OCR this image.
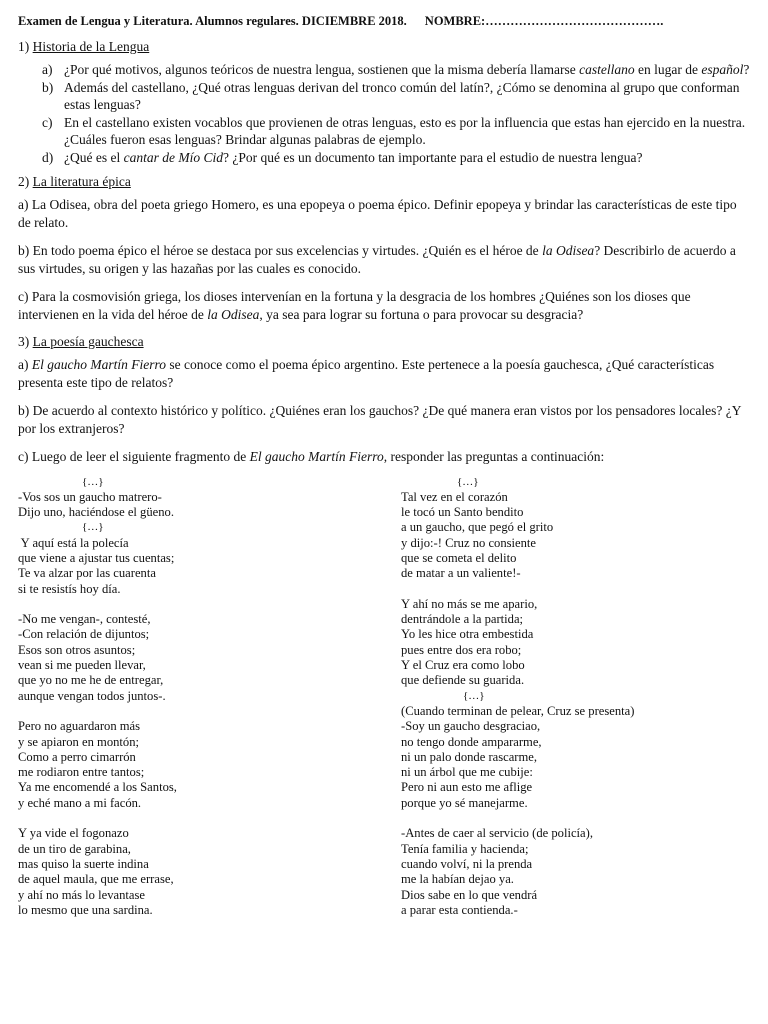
Examen de Lengua y Literatura. Alumnos regulares. DICIEMBRE 2018. NOMBRE:…………………………………….
1) Historia de la Lengua
a) ¿Por qué motivos, algunos teóricos de nuestra lengua, sostienen que la misma debería llamarse castellano en lugar de español?
b) Además del castellano, ¿Qué otras lenguas derivan del tronco común del latín?, ¿Cómo se denomina al grupo que conforman estas lenguas?
c) En el castellano existen vocablos que provienen de otras lenguas, esto es por la influencia que estas han ejercido en la nuestra. ¿Cuáles fueron esas lenguas? Brindar algunas palabras de ejemplo.
d) ¿Qué es el cantar de Mío Cid? ¿Por qué es un documento tan importante para el estudio de nuestra lengua?
2) La literatura épica

a) La Odisea, obra del poeta griego Homero, es una epopeya o poema épico. Definir epopeya y brindar las características de este tipo de relato.

b) En todo poema épico el héroe se destaca por sus excelencias y virtudes. ¿Quién es el héroe de la Odisea? Describirlo de acuerdo a sus virtudes, su origen y las hazañas por las cuales es conocido.

c) Para la cosmovisión griega, los dioses intervenían en la fortuna y la desgracia de los hombres ¿Quiénes son los dioses que intervienen en la vida del héroe de la Odisea, ya sea para lograr su fortuna o para provocar su desgracia?

3) La poesía gauchesca

a) El gaucho Martín Fierro se conoce como el poema épico argentino. Este pertenece a la poesía gauchesca, ¿Qué características presenta este tipo de relatos?

b) De acuerdo al contexto histórico y político. ¿Quiénes eran los gauchos? ¿De qué manera eran vistos por los pensadores locales? ¿Y por los extranjeros?

c) Luego de leer el siguiente fragmento de El gaucho Martín Fierro, responder las preguntas a continuación:

{…}
-Vos sos un gaucho matrero-
Dijo uno, haciéndose el güeno.
{…}
Y aquí está la polecía
que viene a ajustar tus cuentas;
Te va alzar por las cuarenta
si te resistís hoy día.
-No me vengan-, contesté,
-Con relación de dijuntos;
Esos son otros asuntos;
vean si me pueden llevar,
que yo no me he de entregar,
aunque vengan todos juntos-.
Pero no aguardaron más
y se apiaron en montón;
Como a perro cimarrón
me rodiaron entre tantos;
Ya me encomendé a los Santos,
y eché mano a mi facón.
Y ya vide el fogonazo
de un tiro de garabina,
mas quiso la suerte indina
de aquel maula, que me errase,
y ahí no más lo levantase
lo mesmo que una sardina.
{…}
Tal vez en el corazón
le tocó un Santo bendito
a un gaucho, que pegó el grito
y dijo:-! Cruz no consiente
que se cometa el delito
de matar a un valiente!-
Y ahí no más se me apario,
dentrándole a la partida;
Yo les hice otra embestida
pues entre dos era robo;
Y el Cruz era como lobo
que defiende su guarida.
{…}
(Cuando terminan de pelear, Cruz se presenta)
-Soy un gaucho desgraciao,
no tengo donde ampararme,
ni un palo donde rascarme,
ni un árbol que me cubije:
Pero ni aun esto me aflige
porque yo sé manejarme.
-Antes de caer al servicio (de policía),
Tenía familia y hacienda;
cuando volví, ni la prenda
me la habían dejao ya.
Dios sabe en lo que vendrá
a parar esta contienda.-
